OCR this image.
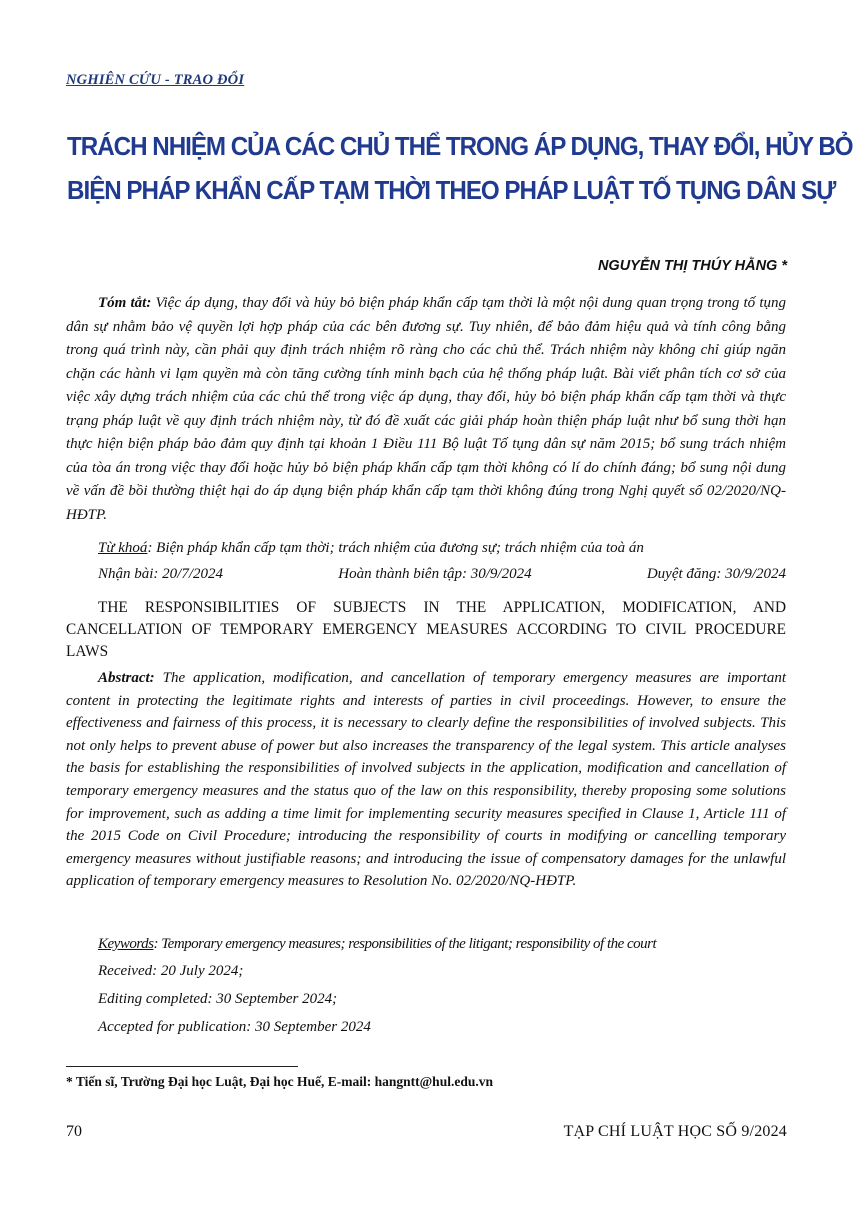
NGHIÊN CỨU - TRAO ĐỔI
TRÁCH NHIỆM CỦA CÁC CHỦ THỂ TRONG ÁP DỤNG, THAY ĐỔI, HỦY BỎ
BIỆN PHÁP KHẨN CẤP TẠM THỜI THEO PHÁP LUẬT TỐ TỤNG DÂN SỰ
NGUYỄN THỊ THÚY HẰNG *
Tóm tắt: Việc áp dụng, thay đổi và hủy bỏ biện pháp khẩn cấp tạm thời là một nội dung quan trọng trong tố tụng dân sự nhằm bảo vệ quyền lợi hợp pháp của các bên đương sự. Tuy nhiên, để bảo đảm hiệu quả và tính công bằng trong quá trình này, cần phải quy định trách nhiệm rõ ràng cho các chủ thể. Trách nhiệm này không chỉ giúp ngăn chặn các hành vi lạm quyền mà còn tăng cường tính minh bạch của hệ thống pháp luật. Bài viết phân tích cơ sở của việc xây dựng trách nhiệm của các chủ thể trong việc áp dụng, thay đổi, hủy bỏ biện pháp khẩn cấp tạm thời và thực trạng pháp luật về quy định trách nhiệm này, từ đó đề xuất các giải pháp hoàn thiện pháp luật như bổ sung thời hạn thực hiện biện pháp bảo đảm quy định tại khoản 1 Điều 111 Bộ luật Tố tụng dân sự năm 2015; bổ sung trách nhiệm của tòa án trong việc thay đổi hoặc hủy bỏ biện pháp khẩn cấp tạm thời không có lí do chính đáng; bổ sung nội dung về vấn đề bồi thường thiệt hại do áp dụng biện pháp khẩn cấp tạm thời không đúng trong Nghị quyết số 02/2020/NQ-HĐTP.
Từ khoá: Biện pháp khẩn cấp tạm thời; trách nhiệm của đương sự; trách nhiệm của toà án
Nhận bài: 20/7/2024	Hoàn thành biên tập: 30/9/2024	Duyệt đăng: 30/9/2024
THE RESPONSIBILITIES OF SUBJECTS IN THE APPLICATION, MODIFICATION, AND CANCELLATION OF TEMPORARY EMERGENCY MEASURES ACCORDING TO CIVIL PROCEDURE LAWS
Abstract: The application, modification, and cancellation of temporary emergency measures are important content in protecting the legitimate rights and interests of parties in civil proceedings. However, to ensure the effectiveness and fairness of this process, it is necessary to clearly define the responsibilities of involved subjects. This not only helps to prevent abuse of power but also increases the transparency of the legal system. This article analyses the basis for establishing the responsibilities of involved subjects in the application, modification and cancellation of temporary emergency measures and the status quo of the law on this responsibility, thereby proposing some solutions for improvement, such as adding a time limit for implementing security measures specified in Clause 1, Article 111 of the 2015 Code on Civil Procedure; introducing the responsibility of courts in modifying or cancelling temporary emergency measures without justifiable reasons; and introducing the issue of compensatory damages for the unlawful application of temporary emergency measures to Resolution No. 02/2020/NQ-HĐTP.
Keywords: Temporary emergency measures; responsibilities of the litigant; responsibility of the court
Received: 20 July 2024;
Editing completed: 30 September 2024;
Accepted for publication: 30 September 2024
* Tiến sĩ, Trường Đại học Luật, Đại học Huế, E-mail: hangntt@hul.edu.vn
70	TẠP CHÍ LUẬT HỌC SỐ 9/2024
